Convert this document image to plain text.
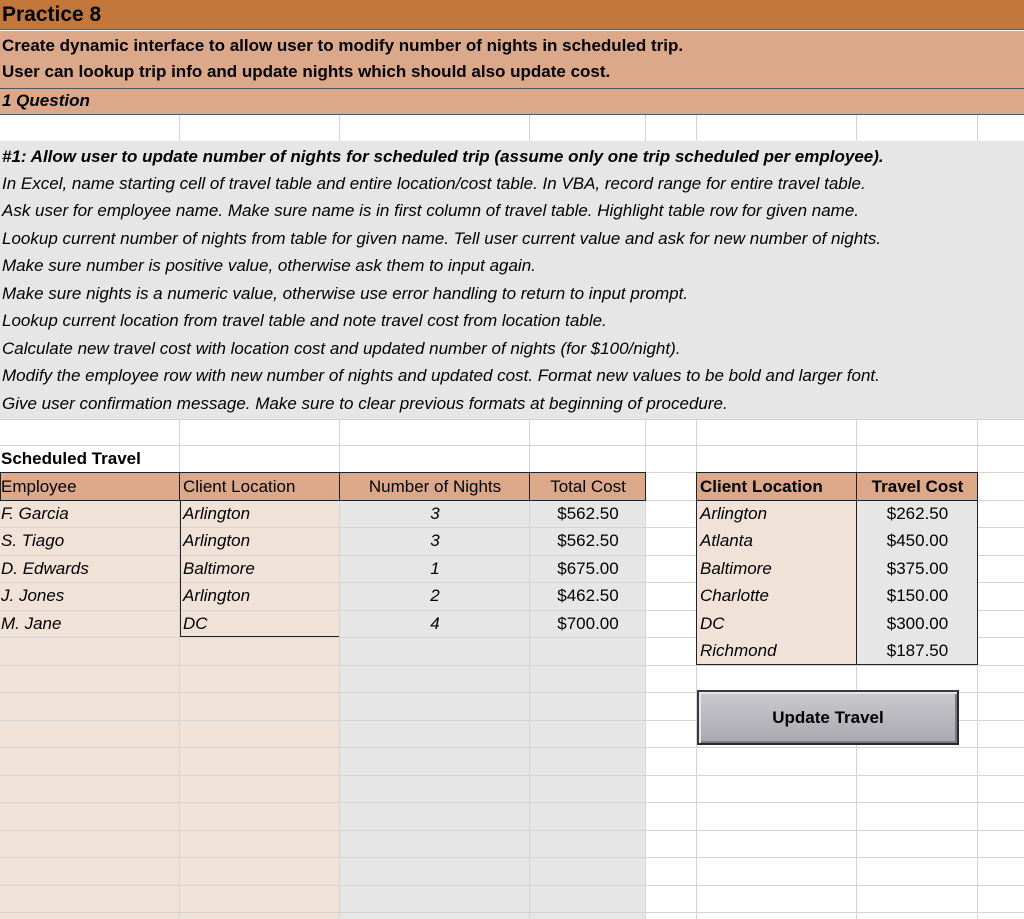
Practice 8
Create dynamic interface to allow user to modify number of nights in scheduled trip.
User can lookup trip info and update nights which should also update cost.
1 Question
#1: Allow user to update number of nights for scheduled trip (assume only one trip scheduled per employee).
In Excel, name starting cell of travel table and entire location/cost table. In VBA, record range for entire travel table.
Ask user for employee name. Make sure name is in first column of travel table. Highlight table row for given name.
Lookup current number of nights from table for given name. Tell user current value and ask for new number of nights.
Make sure number is positive value, otherwise ask them to input again.
Make sure nights is a numeric value, otherwise use error handling to return to input prompt.
Lookup current location from travel table and note travel cost from location table.
Calculate new travel cost with location cost and updated number of nights (for $100/night).
Modify the employee row with new number of nights and updated cost. Format new values to be bold and larger font.
Give user confirmation message. Make sure to clear previous formats at beginning of procedure.
Scheduled Travel
Employee	Client Location	Number of Nights	Total Cost
F. Garcia	Arlington	3	$562.50
S. Tiago	Arlington	3	$562.50
D. Edwards	Baltimore	1	$675.00
J. Jones	Arlington	2	$462.50
M. Jane	DC	4	$700.00
Client Location	Travel Cost
Arlington	$262.50
Atlanta	$450.00
Baltimore	$375.00
Charlotte	$150.00
DC	$300.00
Richmond	$187.50
Update Travel
